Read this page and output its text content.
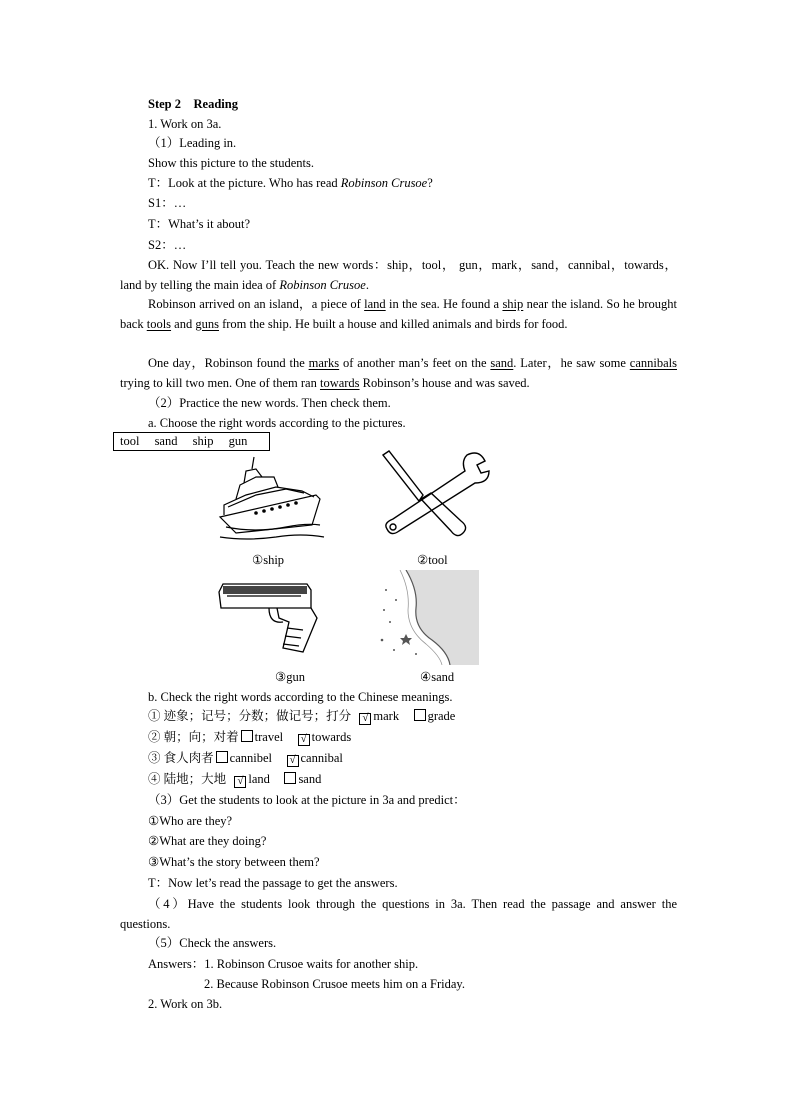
Step 2 Reading
1. Work on 3a.
（1）Leading in.
Show this picture to the students.
T：Look at the picture. Who has read Robinson Crusoe?
S1：…
T：What’s it about?
S2：…
OK. Now I’ll tell you. Teach the new words：ship，tool， gun，mark，sand，cannibal，towards，land by telling the main idea of Robinson Crusoe.
Robinson arrived on an island，a piece of land in the sea. He found a ship near the island. So he brought back tools and guns from the ship. He built a house and killed animals and birds for food.
One day，Robinson found the marks of another man’s feet on the sand. Later，he saw some cannibals trying to kill two men. One of them ran towards Robinson’s house and was saved.
（2）Practice the new words. Then check them.
a. Choose the right words according to the pictures.
tool sand ship gun
①ship	②tool
③gun	④sand
b. Check the right words according to the Chinese meanings.
① 迹象；记号；分数；做记号；打分 √ mark grade
② 朝；向；对着 travel √ towards
③ 食人肉者 cannibel √ cannibal
④ 陆地；大地 √ land sand
（3）Get the students to look at the picture in 3a and predict：
①Who are they?
②What are they doing?
③What’s the story between them?
T：Now let’s read the passage to get the answers.
（4）Have the students look through the questions in 3a. Then read the passage and answer the questions.
（5）Check the answers.
Answers：1. Robinson Crusoe waits for another ship.
2. Because Robinson Crusoe meets him on a Friday.
2. Work on 3b.
